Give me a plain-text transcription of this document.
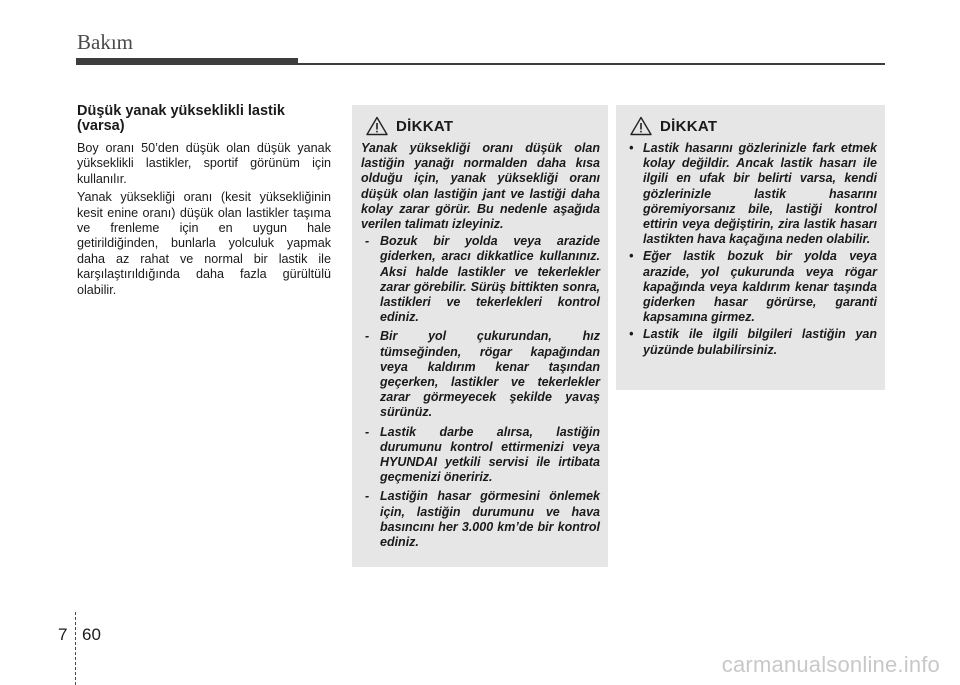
Bakım
Düşük yanak yükseklikli lastik (varsa)

Boy oranı 50’den düşük olan düşük yanak yükseklikli lastikler, sportif görünüm için kullanılır.

Yanak yüksekliği oranı (kesit yüksekliğinin kesit enine oranı) düşük olan lastikler taşıma ve frenleme için en uygun hale getirildiğinden, bunlarla yolculuk yapmak daha az rahat ve normal bir lastik ile karşılaştırıldığında daha fazla gürültülü olabilir.

DİKKAT

Yanak yüksekliği oranı düşük olan lastiğin yanağı normalden daha kısa olduğu için, yanak yüksekliği oranı düşük olan lastiğin jant ve lastiği daha kolay zarar görür. Bu nedenle aşağıda verilen talimatı izleyiniz.

- Bozuk bir yolda veya arazide giderken, aracı dikkatlice kullanınız. Aksi halde lastikler ve tekerlekler zarar görebilir. Sürüş bittikten sonra, lastikleri ve tekerlekleri kontrol ediniz.
- Bir yol çukurundan, hız tümseğinden, rögar kapağından veya kaldırım kenar taşından geçerken, lastikler ve tekerlekler zarar görmeyecek şekilde yavaş sürünüz.
- Lastik darbe alırsa, lastiğin durumunu kontrol ettirmenizi veya HYUNDAI yetkili servisi ile irtibata geçmenizi öneririz.
- Lastiğin hasar görmesini önlemek için, lastiğin durumunu ve hava basıncını her 3.000 km’de bir kontrol ediniz.
DİKKAT
• Lastik hasarını gözlerinizle fark etmek kolay değildir. Ancak lastik hasarı ile ilgili en ufak bir belirti varsa, kendi gözlerinizle lastik hasarını göremiyorsanız bile, lastiği kontrol ettirin veya değiştirin, zira lastik hasarı lastikten hava kaçağına neden olabilir.
• Eğer lastik bozuk bir yolda veya arazide, yol çukurunda veya rögar kapağında veya kaldırım kenar taşında giderken hasar görürse, garanti kapsamına girmez.
• Lastik ile ilgili bilgileri lastiğin yan yüzünde bulabilirsiniz.
7 60
carmanualsonline.info
